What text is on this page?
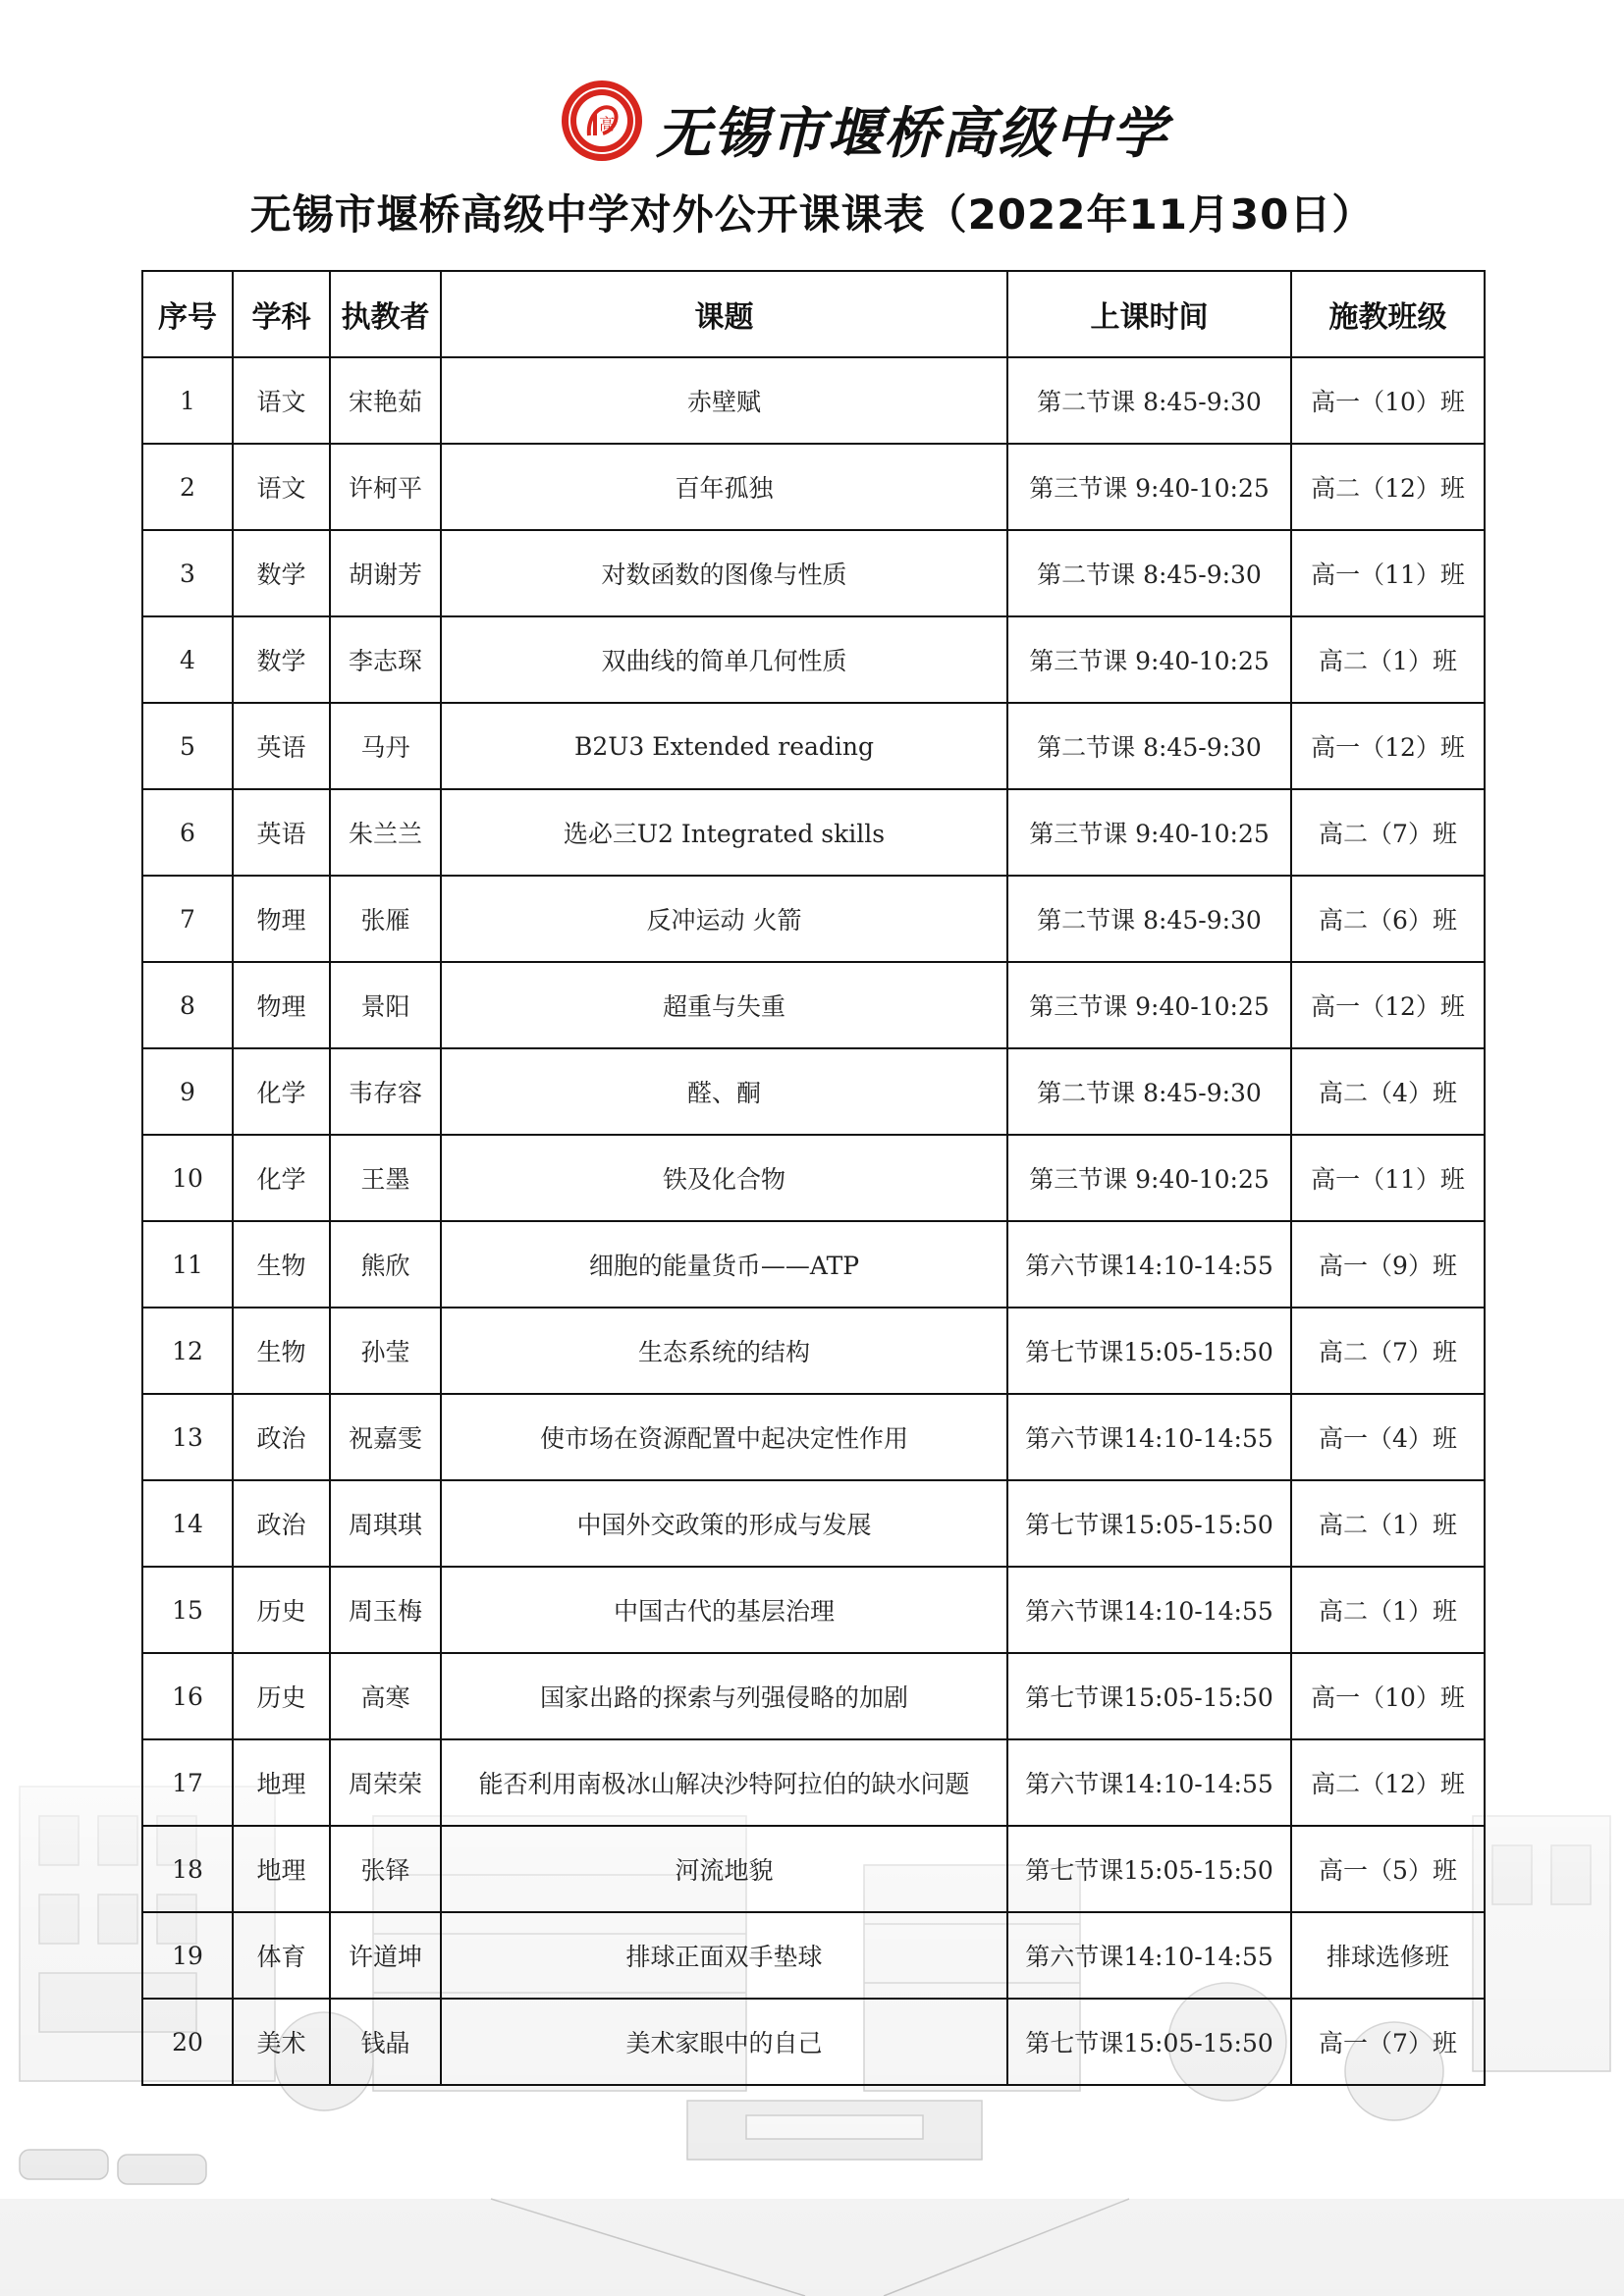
高 无锡市堰桥高级中学
无锡市堰桥高级中学对外公开课课表（2022年11月30日）
序号	学科	执教者	课题	上课时间	施教班级
1	语文	宋艳茹	赤壁赋	第二节课 8:45-9:30	高一（10）班
2	语文	许柯平	百年孤独	第三节课 9:40-10:25	高二（12）班
3	数学	胡谢芳	对数函数的图像与性质	第二节课 8:45-9:30	高一（11）班
4	数学	李志琛	双曲线的简单几何性质	第三节课 9:40-10:25	高二（1）班
5	英语	马丹	B2U3 Extended reading	第二节课 8:45-9:30	高一（12）班
6	英语	朱兰兰	选必三U2 Integrated skills	第三节课 9:40-10:25	高二（7）班
7	物理	张雁	反冲运动 火箭	第二节课 8:45-9:30	高二（6）班
8	物理	景阳	超重与失重	第三节课 9:40-10:25	高一（12）班
9	化学	韦存容	醛、酮	第二节课 8:45-9:30	高二（4）班
10	化学	王墨	铁及化合物	第三节课 9:40-10:25	高一（11）班
11	生物	熊欣	细胞的能量货币——ATP	第六节课14:10-14:55	高一（9）班
12	生物	孙莹	生态系统的结构	第七节课15:05-15:50	高二（7）班
13	政治	祝嘉雯	使市场在资源配置中起决定性作用	第六节课14:10-14:55	高一（4）班
14	政治	周琪琪	中国外交政策的形成与发展	第七节课15:05-15:50	高二（1）班
15	历史	周玉梅	中国古代的基层治理	第六节课14:10-14:55	高二（1）班
16	历史	高寒	国家出路的探索与列强侵略的加剧	第七节课15:05-15:50	高一（10）班
17	地理	周荣荣	能否利用南极冰山解决沙特阿拉伯的缺水问题	第六节课14:10-14:55	高二（12）班
18	地理	张铎	河流地貌	第七节课15:05-15:50	高一（5）班
19	体育	许道坤	排球正面双手垫球	第六节课14:10-14:55	排球选修班
20	美术	钱晶	美术家眼中的自己	第七节课15:05-15:50	高一（7）班
